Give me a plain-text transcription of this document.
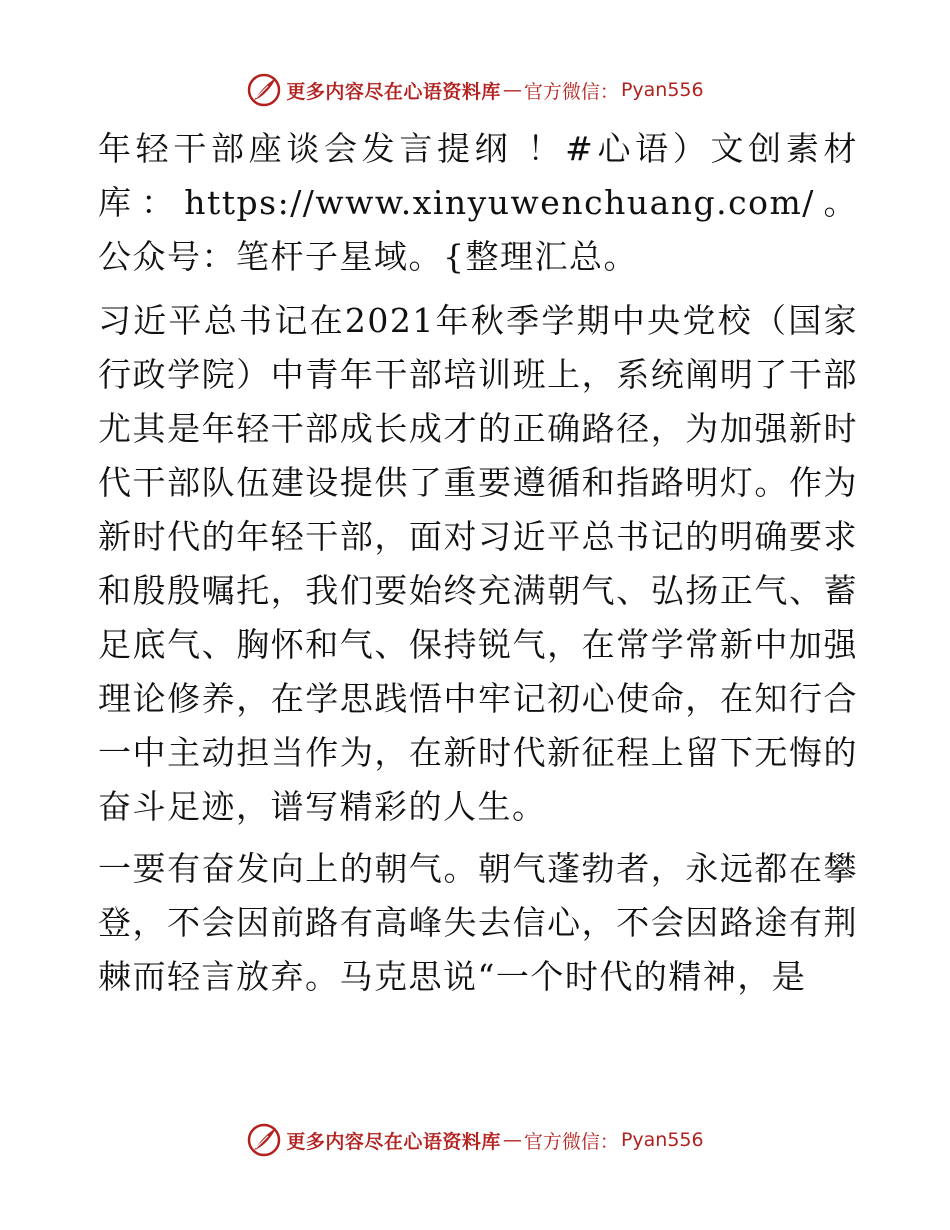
更多内容尽在心语资料库 — 官方微信： Pyan556

年轻干部座谈会发言提纲 ！#心语）文创素材库：https://www.xinyuwenchuang.com/。公众号：笔杆子星域。{整理汇总。

习近平总书记在2021年秋季学期中央党校（国家行政学院）中青年干部培训班上，系统阐明了干部尤其是年轻干部成长成才的正确路径，为加强新时代干部队伍建设提供了重要遵循和指路明灯。作为新时代的年轻干部，面对习近平总书记的明确要求和殷殷嘱托，我们要始终充满朝气、弘扬正气、蓄足底气、胸怀和气、保持锐气，在常学常新中加强理论修养，在学思践悟中牢记初心使命，在知行合一中主动担当作为，在新时代新征程上留下无悔的奋斗足迹，谱写精彩的人生。

一要有奋发向上的朝气。朝气蓬勃者，永远都在攀登，不会因前路有高峰失去信心，不会因路途有荆棘而轻言放弃。马克思说“一个时代的精神，是

更多内容尽在心语资料库 — 官方微信： Pyan556
